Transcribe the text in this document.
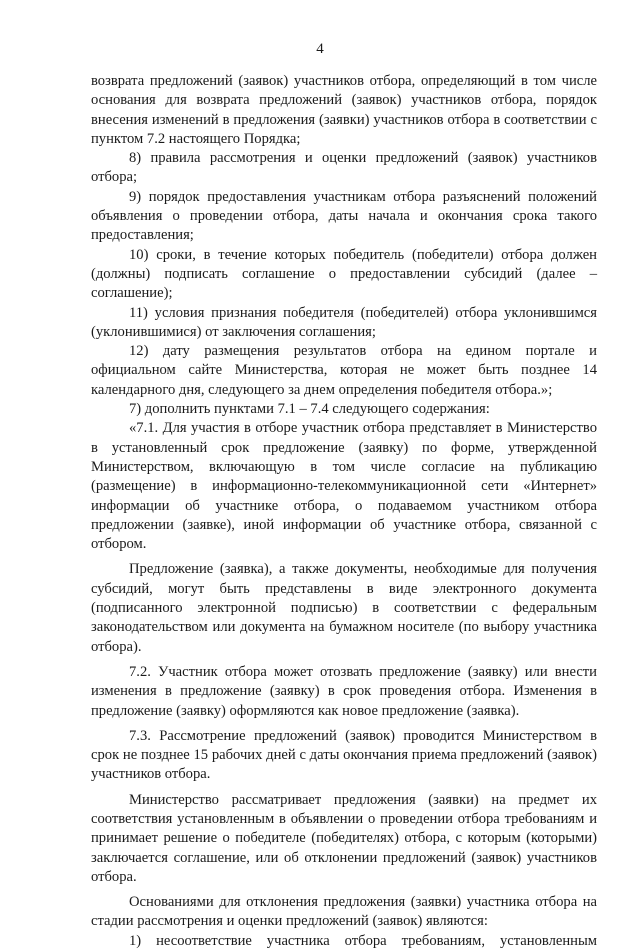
4

возврата предложений (заявок) участников отбора, определяющий в том числе основания для возврата предложений (заявок) участников отбора, порядок внесения изменений в предложения (заявки) участников отбора в соответствии с пунктом 7.2 настоящего Порядка;

8) правила рассмотрения и оценки предложений (заявок) участников отбора;

9) порядок предоставления участникам отбора разъяснений положений объявления о проведении отбора, даты начала и окончания срока такого предоставления;

10) сроки, в течение которых победитель (победители) отбора должен (должны) подписать соглашение о предоставлении субсидий (далее – соглашение);

11) условия признания победителя (победителей) отбора уклонившимся (уклонившимися) от заключения соглашения;

12) дату размещения результатов отбора на едином портале и официальном сайте Министерства, которая не может быть позднее 14 календарного дня, следующего за днем определения победителя отбора.»;

7) дополнить пунктами 7.1 – 7.4 следующего содержания:

«7.1. Для участия в отборе участник отбора представляет в Министерство в установленный срок предложение (заявку) по форме, утвержденной Министерством, включающую в том числе согласие на публикацию (размещение) в информационно-телекоммуникационной сети «Интернет» информации об участнике отбора, о подаваемом участником отбора предложении (заявке), иной информации об участнике отбора, связанной с отбором.

Предложение (заявка), а также документы, необходимые для получения субсидий, могут быть представлены в виде электронного документа (подписанного электронной подписью) в соответствии с федеральным законодательством или документа на бумажном носителе (по выбору участника отбора).

7.2. Участник отбора может отозвать предложение (заявку) или внести изменения в предложение (заявку) в срок проведения отбора. Изменения в предложение (заявку) оформляются как новое предложение (заявка).

7.3. Рассмотрение предложений (заявок) проводится Министерством в срок не позднее 15 рабочих дней с даты окончания приема предложений (заявок) участников отбора.

Министерство рассматривает предложения (заявки) на предмет их соответствия установленным в объявлении о проведении отбора требованиям и принимает решение о победителе (победителях) отбора, с которым (которыми) заключается соглашение, или об отклонении предложений (заявок) участников отбора.

Основаниями для отклонения предложения (заявки) участника отбора на стадии рассмотрения и оценки предложений (заявок) являются:

1) несоответствие участника отбора требованиям, установленным
